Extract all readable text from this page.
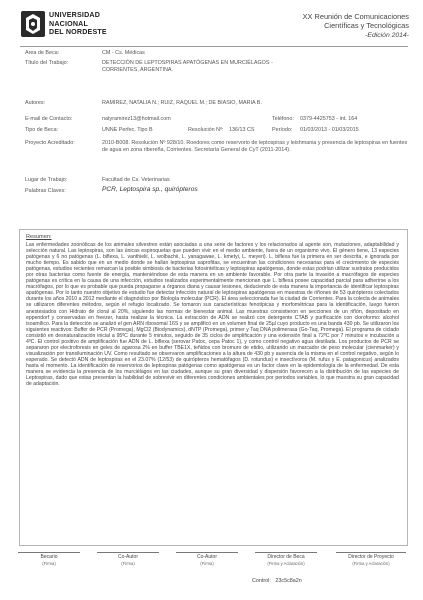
UNIVERSIDAD
NACIONAL
DEL NORDESTE
XX Reunión de Comunicaciones
Científicas y Tecnológicas
-Edición 2014-
Area de Beca:	CM - Cs. Médicas
Título del Trabajo:	DETECCIÓN DE LEPTOSPIRAS APATÓGENAS EN MURCIÉLAGOS - CORRIENTES, ARGENTINA.
Autores:	RAMIREZ, NATALIA N.; RUIZ, RAQUEL M.; DE BIASIO, MARIA B.
E-mail de Contacto:	natyramirez13@hotmail.com	Teléfono: 0379-4425753 - int. 164
Tipo de Beca:	UNNE Perfec. Tipo B	Resolución Nº: 136/13 CS	Período: 01/03/2013 - 01/03/2015
Proyecto Acreditado:	2010-B008. Resolución Nº 928/10. Roedores como reservorio de leptospiras y leishmania y presencia de leptospiras en fuentes de agua en zona ribereña, Corrientes. Secretaría General de CyT (2011-2014).
Lugar de Trabajo:	Facultad de Cs. Veterinarias
Palabras Claves:	PCR, Leptospira sp., quirópteros
Resumen:
Las enfermedades zoonóticas de los animales silvestres están asociadas a una serie de factores y los relacionados al agente son, mutaciones, adaptabilidad y selección natural. Las leptospiras, son las únicas espiroquetas que pueden vivir en el medio ambiente, fuera de un organismo vivo. El género tiene, 13 especies patógenas y 6 no patógenas (L. biflexa, L. vanthielii, L. wolbachii, L. yanagawae, L. kmetyi, L. meyeri). L. biflexa fue la primera en ser descrita, e ignorada por mucho tiempo. Es sabido que en un medio donde se hallan leptospiras saprofitas, se encuentran las condiciones necesarias para el crecimiento de especies patógenas, estudios recientes remarcan la posible simbiosis de bacterias fotosintéticas y leptospiras apatógenas, donde estas podrían utilizar sustratos producidos por otras bacterias como fuente de energía, manteniéndose de esta manera en un ambiente favorable. Por otra parte la invasión a macrófagos de especies patógenas es crítica en la causa de una infección, estudios realizados experimentalmente mencionan que L. biflexa posee capacidad parcial para adherirse a los macrófagos, por lo que es probable que pueda propagarse a órganos diana y causar lesiones, deduciendo de esta manera la importancia de identificar leptospiras apatógenas. Por lo tanto nuestro objetivo de estudio fue detectar infección natural de leptospiras apatógenas en muestras de riñones de 53 quirópteros colectados durante los años 2010 a 2012 mediante el diagnóstico por Biología molecular (PCR). El área seleccionada fue la ciudad de Corrientes. Para la colecta de animales se utilizaron diferentes métodos, según el refugio localizado. Se tomaron sus características fenotípicas y morfométricas para la identificación, luego fueron anestesiados con Hidrato de cloral al 20%, siguiendo las normas de bienestar animal. Las muestras consistieron en secciones de un riñón, depositado en eppendorf y conservadas en freezer, hasta realizar la técnica. La extracción de ADN se realizó con detergente CTAB y purificación con cloroformo: alcohol isoamílico. Para la detección se analizó el gen ARN ribosomal 16S y se amplificó en un volumen final de 25µl cuyo producto es una banda 430 pb. Se utilizaron los siguientes reactivos: Buffer de PCR (Promega), MgCl2 (Biodynamics), dNTP (Promega), primer y Taq DNA polimerasa (Go-Taq, Promega). El programa de ciclado consistió en desnaturalización inicial a 95ºC durante 5 minutos, seguido de 35 ciclos de amplificación y una extensión final a 72ºC por 7 minutos e incubación a 4ºC. El control positivo de amplificación fue ADN de L. biflexa (serovar Patoc, cepa Patoc 1), y como control negativo agua destilada. Los productos de PCR se separaron por electroforesis en geles de agarosa 2% en buffer TBE1X, teñidos con bromuro de etidio, utilizando un marcador de peso molecular (cienmarker) y visualización por transiluminación UV. Como resultado se observaron amplificaciones a la altura de 430 pb y ausencia de la misma en el control negativo, según lo esperado. Se detectó ADN de leptospiras en el 23.07% (12/53) de quirópteros hematófagos (D. rotundus) e insectívoros (M. rufus y E. patagonicus) analizados hasta el momento. La identificación de reservorios de leptospiras patógenas como apatógenas es un factor clave en la epidemiología de la enfermedad. De esta manera se evidencia la presencia de los murciélagos en las ciudades, aunque su gran diversidad y dispersión favorecen a la distribución de las especies de Leptospiras, dado que estas presentan la habilidad de sobrevivir en diferentes condiciones ambientales por periodos variables, lo que muestra su gran capacidad de adaptación.
Becario
(Firma)
Co-Autor
(Firma)
Co-Autor
(Firma)
Director de Beca
(Firma y Aclaración)
Director de Proyecto
(Firma y Aclaración)
Control: 23c5c8a2n
